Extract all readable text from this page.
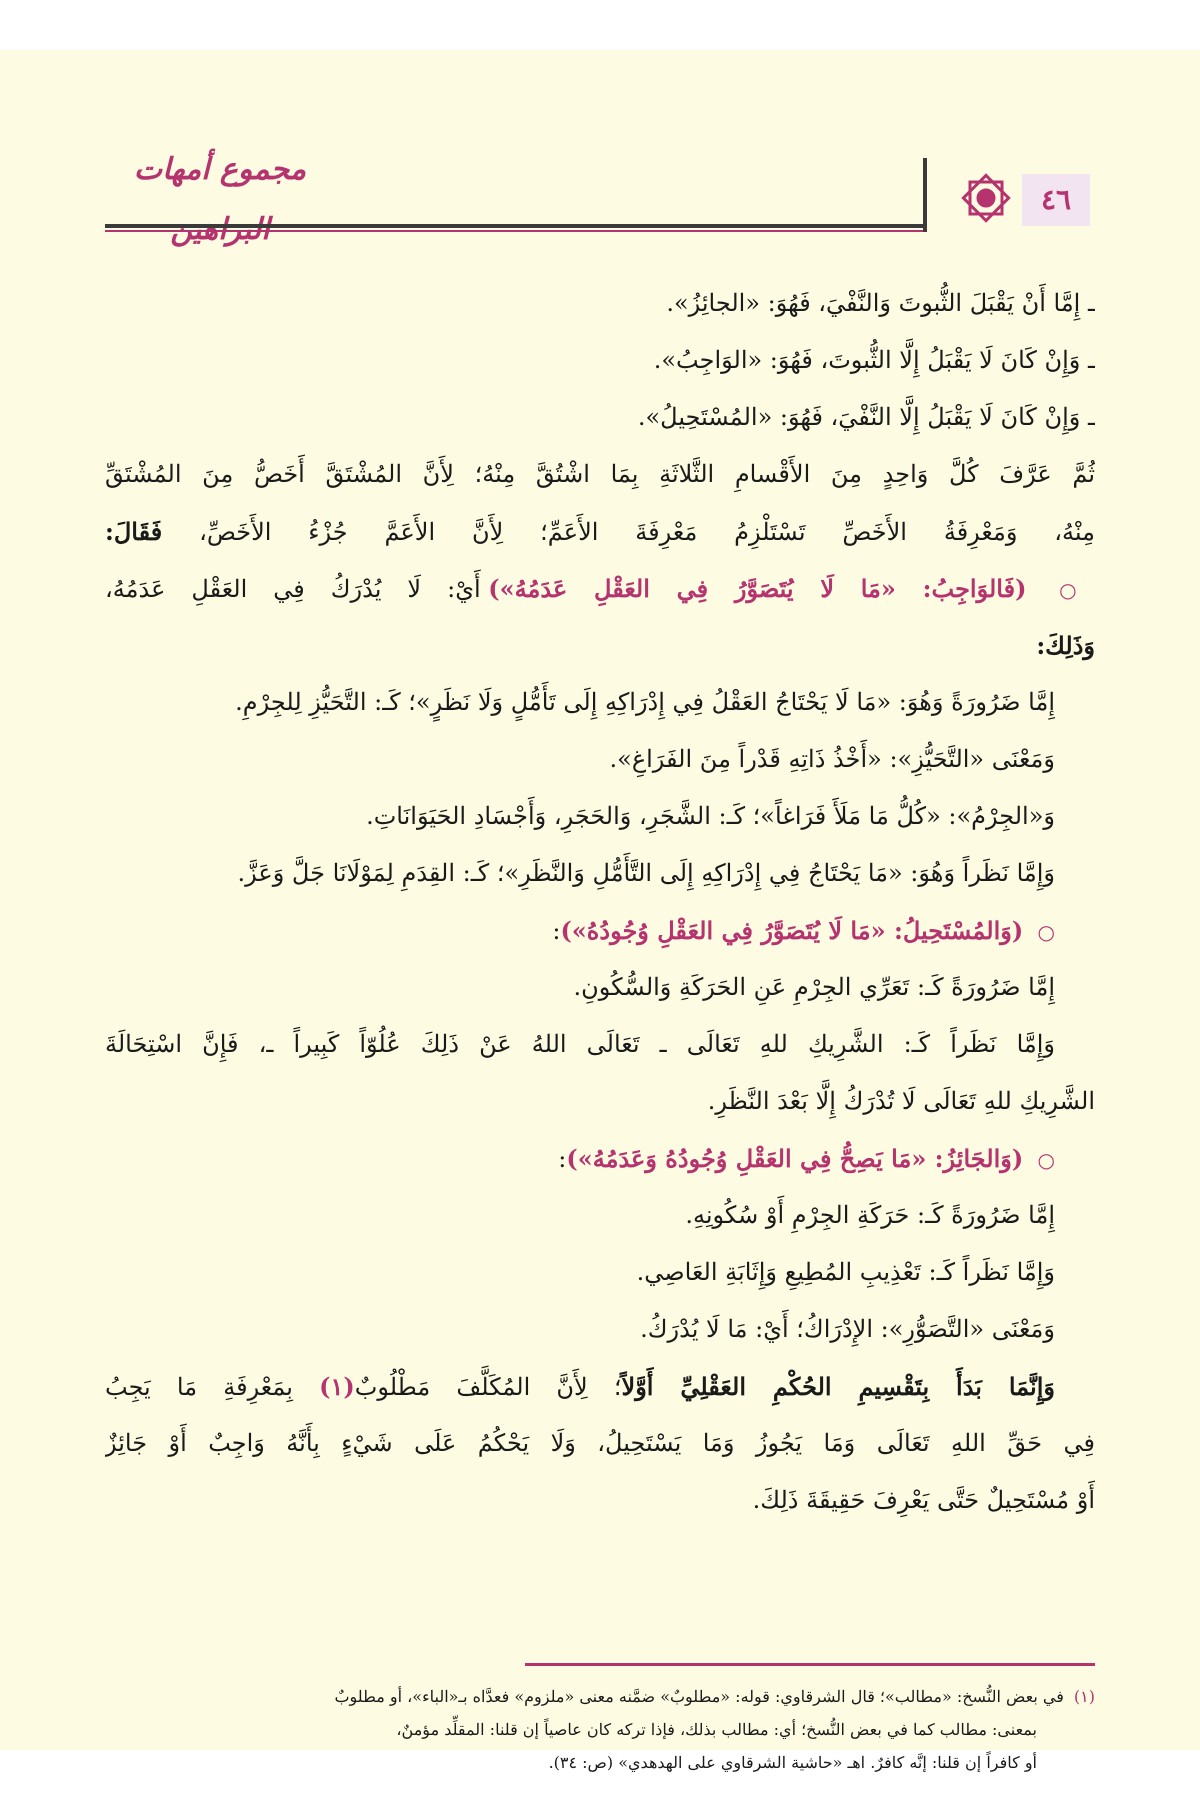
مجموع أمهات
٤٦
ـ إِمَّا أَنْ يَقْبَلَ الثُّبوتَ وَالنَّفْيَ، فَهُوَ: «الجائِزُ».
ـ وَإِنْ كَانَ لَا يَقْبَلُ إِلَّا الثُّبوتَ، فَهُوَ: «الوَاجِبُ».
ـ وَإِنْ كَانَ لَا يَقْبَلُ إِلَّا النَّفْيَ، فَهُوَ: «المُسْتَحِيلُ».
ثُمَّ عَرَّفَ كُلَّ وَاحِدٍ مِنَ الأَقْسامِ الثَّلاثَةِ بِمَا اشْتُقَّ مِنْهُ؛ لِأَنَّ المُشْتَقَّ أَخَصُّ مِنَ المُشْتَقِّ
مِنْهُ، وَمَعْرِفَةُ الأَخَصِّ تَسْتَلْزِمُ مَعْرِفَةَ الأَعَمِّ؛ لِأَنَّ الأَعَمَّ جُزْءُ الأَخَصِّ، فَقَالَ:
○ (فَالوَاجِبُ: «مَا لَا يُتَصَوَّرُ فِي العَقْلِ عَدَمُهُ») أَيْ: لَا يُدْرَكُ فِي العَقْلِ عَدَمُهُ،
وَذَلِكَ:
إِمَّا ضَرُورَةً وَهُوَ: «مَا لَا يَحْتَاجُ العَقْلُ فِي إِدْرَاكِهِ إِلَى تَأَمُّلٍ وَلَا نَظَرٍ»؛ كَـ: التَّحَيُّزِ لِلجِرْمِ.
وَمَعْنَى «التَّحَيُّزِ»: «أَخْذُ ذَاتِهِ قَدْراً مِنَ الفَرَاغِ».
وَ«الجِرْمُ»: «كُلُّ مَا مَلَأَ فَرَاغاً»؛ كَـ: الشَّجَرِ، وَالحَجَرِ، وَأَجْسَادِ الحَيَوَانَاتِ.
وَإِمَّا نَظَراً وَهُوَ: «مَا يَحْتَاجُ فِي إِدْرَاكِهِ إِلَى التَّأَمُّلِ وَالنَّظَرِ»؛ كَـ: القِدَمِ لِمَوْلَانَا جَلَّ وَعَزَّ.
○ (وَالمُسْتَحِيلُ: «مَا لَا يُتَصَوَّرُ فِي العَقْلِ وُجُودُهُ»):
إِمَّا ضَرُورَةً كَـ: تَعَرِّي الجِرْمِ عَنِ الحَرَكَةِ وَالسُّكُونِ.
وَإِمَّا نَظَراً كَـ: الشَّرِيكِ للهِ تَعَالَى ـ تَعَالَى اللهُ عَنْ ذَلِكَ عُلُوّاً كَبِيراً ـ، فَإِنَّ اسْتِحَالَةَ
الشَّرِيكِ للهِ تَعَالَى لَا تُدْرَكُ إِلَّا بَعْدَ النَّظَرِ.
○ (وَالجَائِزُ: «مَا يَصِحُّ فِي العَقْلِ وُجُودُهُ وَعَدَمُهُ»):
إِمَّا ضَرُورَةً كَـ: حَرَكَةِ الجِرْمِ أَوْ سُكُونِهِ.
وَإِمَّا نَظَراً كَـ: تَعْذِيبِ المُطِيعِ وَإِثَابَةِ العَاصِي.
وَمَعْنَى «التَّصَوُّرِ»: الإِدْرَاكُ؛ أَيْ: مَا لَا يُدْرَكُ.
وَإِنَّمَا بَدَأَ بِتَقْسِيمِ الحُكْمِ العَقْلِيِّ أَوَّلاً؛ لِأَنَّ المُكَلَّفَ مَطْلُوبٌ(١) بِمَعْرِفَةِ مَا يَجِبُ
فِي حَقِّ اللهِ تَعَالَى وَمَا يَجُوزُ وَمَا يَسْتَحِيلُ، وَلَا يَحْكُمُ عَلَى شَيْءٍ بِأَنَّهُ وَاجِبٌ أَوْ جَائِزٌ
أَوْ مُسْتَحِيلٌ حَتَّى يَعْرِفَ حَقِيقَةَ ذَلِكَ.
(١)في بعض النُّسخ: «مطالب»؛ قال الشرقاوي: قوله: «مطلوبٌ» ضمَّنه معنى «ملزوم» فعدَّاه بـ«الباء»، أو مطلوبٌ
بمعنى: مطالب كما في بعض النُّسخ؛ أي: مطالب بذلك، فإذا تركه كان عاصياً إن قلنا: المقلِّد مؤمنٌ،
أو كافراً إن قلنا: إنَّه كافرٌ. اهـ «حاشية الشرقاوي على الهدهدي» (ص: ٣٤).
